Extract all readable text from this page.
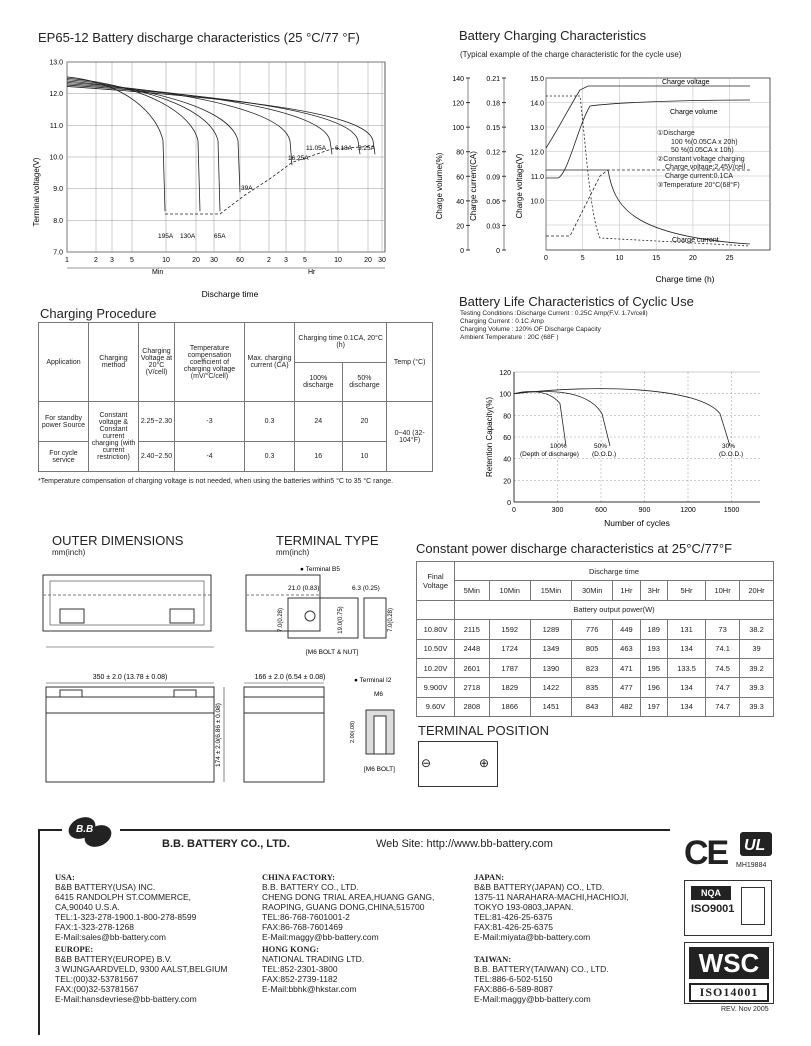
EP65-12 Battery discharge characteristics (25 °C/77 °F)
Terminal voltage(V)
13.0
12.0
11.0
10.0
9.0
8.0
7.0
1	2 3 5	10	20 30	60	2 3 5	10	20 30
195A 130A	65A
39A
16.25A
11.05A 6.18A 3.25A
Min	Hr
Discharge time
Battery Charging Characteristics
(Typical example of the charge characteristic for the cycle use)
Charge volume(%)	Charge current(CA)	Charge voltage(V)
140	0.21
120	0.18
100	0.15
80	0.12
60	0.09
40	0.06
20	0.03
0	0
15.0
14.0
13.0
12.0
11.0
10.0
0	5	10	15	20	25
Charge voltage
Charge volume
Charge current
Charge time (h)
①Discharge
100 %(0.05CA x 20h)
50 %(0.05CA x 10h)
②Constant voltage charging
Charge voltage:2.45V/cell
Charge current:0.1CA
③Temperature 20°C(68°F)
Charging Procedure
Application	Charging method	Charging Voltage at 20°C (V/cell)	Temperature compensation coefficient of charging voltage (mV/°C/cell)	Max. charging current (CA)	Charging time 0.1CA, 20°C (h)		Temp (°C)
					100% discharge	50% discharge	
For standby power Source	Constant voltage & Constant current charging (with current restriction)	2.25~2.30	-3	0.3	24	20	0~40 (32-104°F)
For cycle service		2.40~2.50	-4	0.3	16	10	
*Temperature compensation of charging voltage is not needed, when using the batteries within5 °C to 35 °C range.
Battery Life Characteristics of Cyclic Use
Testing Conditions :Discharge Current : 0.25C Amp(F.V. 1.7v/cell)
Charging Current : 0.1C Amp
Charging Volume : 120% OF Discharge Capacity
Ambient Temperature : 20C (68F )
Retention Capacity(%)
120
100
80
60
40
20
0
0	300	600	900	1200	1500
100%
(Depth of discharge)
50%
(D.O.D.)
30%
(D.O.D.)
Number of cycles
OUTER DIMENSIONS
mm(inch)
350 ± 2.0 (13.78 ± 0.08)
174 ± 2.0(6.86 ± 0.08)
166 ± 2.0 (6.54 ± 0.08)
TERMINAL TYPE
mm(inch)
● Terminal B5
21.0 (0.83)	6.3 (0.25)
7.0(0.28)	19.0(0.75)	7.0(0.28)
[M6 BOLT & NUT]
● Terminal I2
M6
2.00(.08)
[M6 BOLT]
Constant power discharge characteristics at 25°C/77°F
Final Voltage	Discharge time								
	5Min	10Min	15Min	30Min	1Hr	3Hr	5Hr	10Hr	20Hr
	Battery output power(W)								
10.80V	2115	1592	1289	776	449	189	131	73	38.2
10.50V	2448	1724	1349	805	463	193	134	74.1	39
10.20V	2601	1787	1390	823	471	195	133.5	74.5	39.2
9.900V	2718	1829	1422	835	477	196	134	74.7	39.3
9.60V	2808	1866	1451	843	482	197	134	74.7	39.3
TERMINAL POSITION
⊖	⊕
B.B
B.B. BATTERY CO., LTD.	Web Site: http://www.bb-battery.com
USA:
B&B BATTERY(USA) INC.
6415 RANDOLPH ST.COMMERCE,
CA,90040 U.S.A.
TEL:1-323-278-1900.1-800-278-8599
FAX:1-323-278-1268
E-Mail:sales@bb-battery.com
EUROPE:
B&B BATTERY(EUROPE) B.V.
3 WIJNGAARDVELD, 9300 AALST,BELGIUM
TEL:(00)32-53781567
FAX:(00)32-53781567
E-Mail:hansdevriese@bb-battery.com
CHINA FACTORY:
B.B. BATTERY CO., LTD.
CHENG DONG TRIAL AREA,HUANG GANG,
RAOPING, GUANG DONG,CHINA,515700
TEL:86-768-7601001-2
FAX:86-768-7601469
E-Mail:maggy@bb-battery.com
HONG KONG:
NATIONAL TRADING LTD.
TEL:852-2301-3800
FAX:852-2739-1182
E-Mail:bbhk@hkstar.com
JAPAN:
B&B BATTERY(JAPAN) CO., LTD.
1375-11 NARAHARA-MACHI,HACHIOJI,
TOKYO 193-0803,JAPAN.
TEL:81-426-25-6375
FAX:81-426-25-6375
E-Mail:miyata@bb-battery.com
TAIWAN:
B.B. BATTERY(TAIWAN) CO., LTD.
TEL:886-6-502-5150
FAX:886-6-589-8087
E-Mail:maggy@bb-battery.com
CE UL
MH19884
NQA
ISO9001
WSC
ISO14001
REV. Nov 2005
